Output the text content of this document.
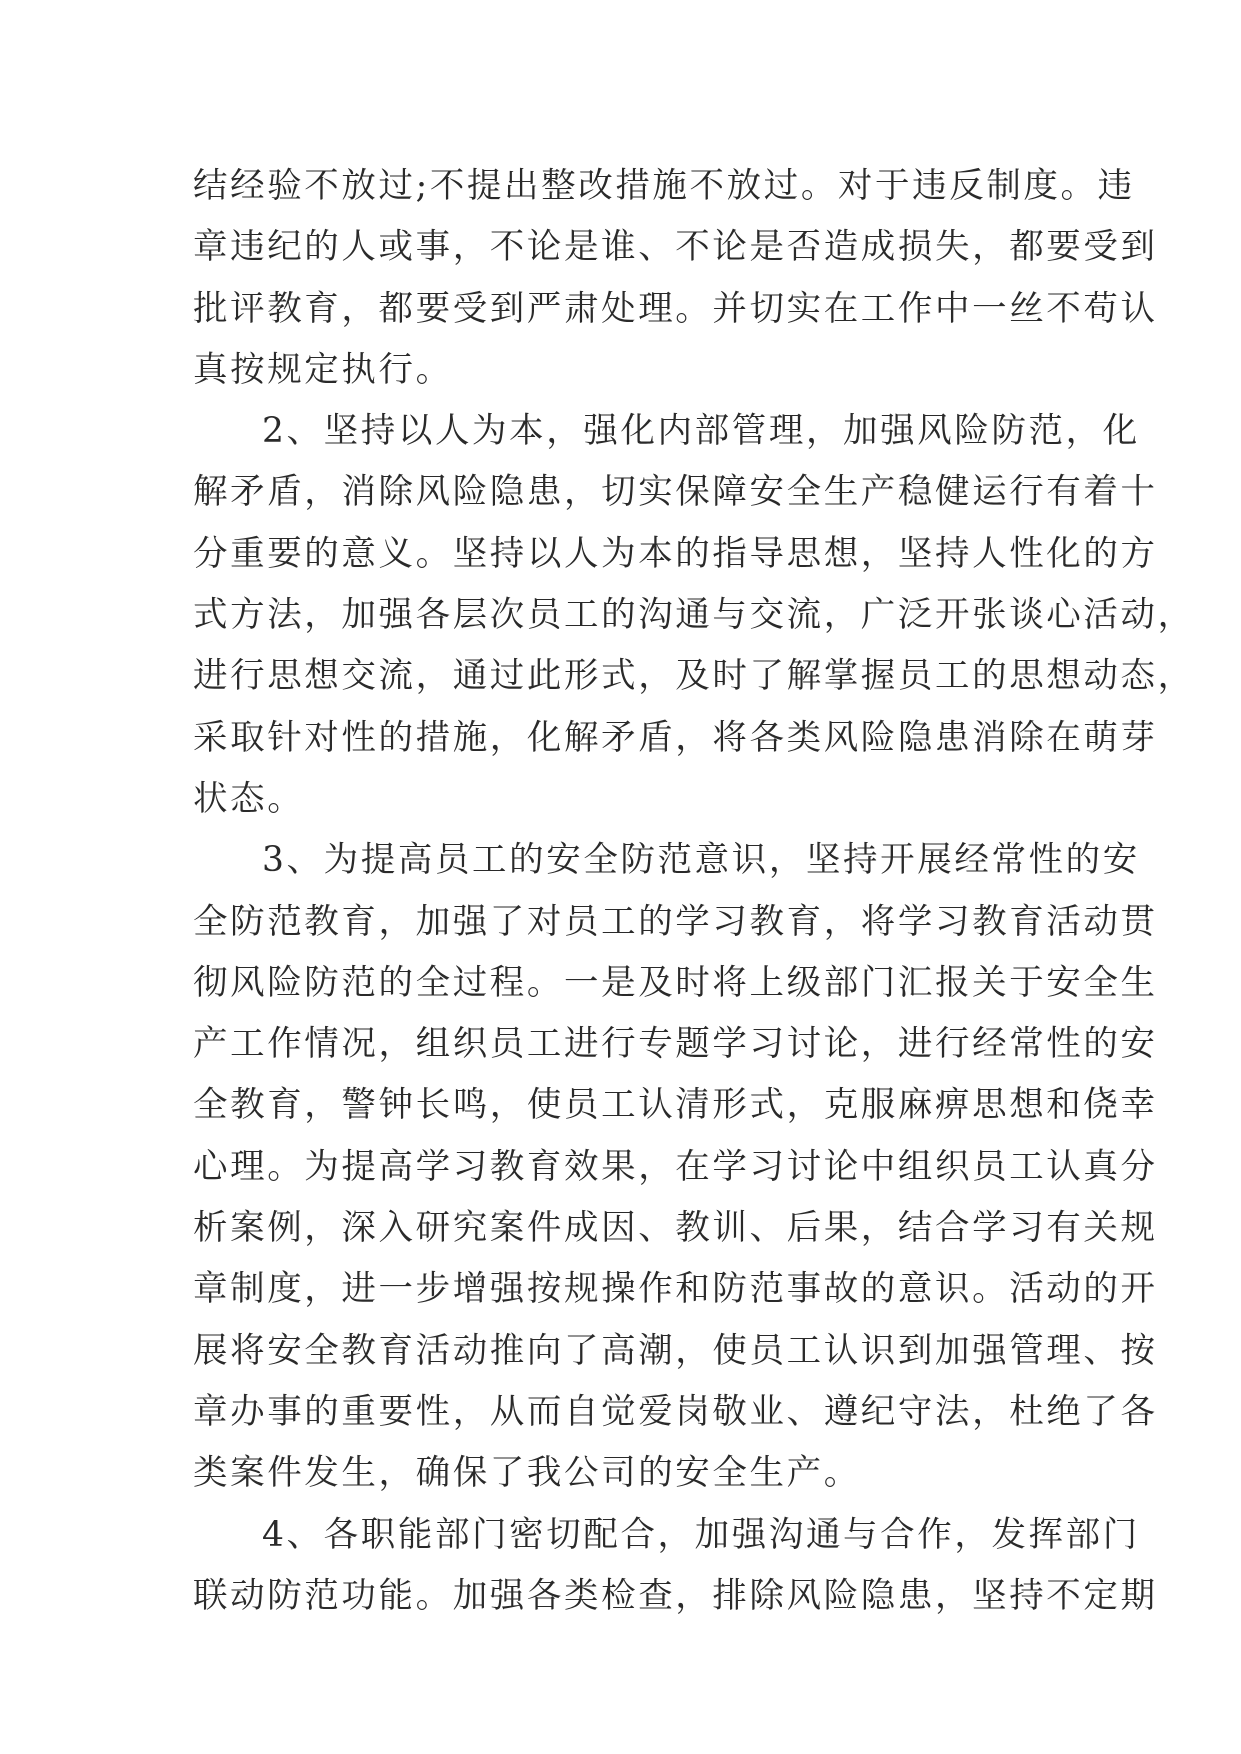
结经验不放过;不提出整改措施不放过。对于违反制度。违
章违纪的人或事，不论是谁、不论是否造成损失，都要受到
批评教育，都要受到严肃处理。并切实在工作中一丝不苟认
真按规定执行。

2、坚持以人为本，强化内部管理，加强风险防范，化
解矛盾，消除风险隐患，切实保障安全生产稳健运行有着十
分重要的意义。坚持以人为本的指导思想，坚持人性化的方
式方法，加强各层次员工的沟通与交流，广泛开张谈心活动，
进行思想交流，通过此形式，及时了解掌握员工的思想动态，
采取针对性的措施，化解矛盾，将各类风险隐患消除在萌芽
状态。

3、为提高员工的安全防范意识，坚持开展经常性的安
全防范教育，加强了对员工的学习教育，将学习教育活动贯
彻风险防范的全过程。一是及时将上级部门汇报关于安全生
产工作情况，组织员工进行专题学习讨论，进行经常性的安
全教育，警钟长鸣，使员工认清形式，克服麻痹思想和侥幸
心理。为提高学习教育效果，在学习讨论中组织员工认真分
析案例，深入研究案件成因、教训、后果，结合学习有关规
章制度，进一步增强按规操作和防范事故的意识。活动的开
展将安全教育活动推向了高潮，使员工认识到加强管理、按
章办事的重要性，从而自觉爱岗敬业、遵纪守法，杜绝了各
类案件发生，确保了我公司的安全生产。

4、各职能部门密切配合，加强沟通与合作，发挥部门
联动防范功能。加强各类检查，排除风险隐患，坚持不定期
